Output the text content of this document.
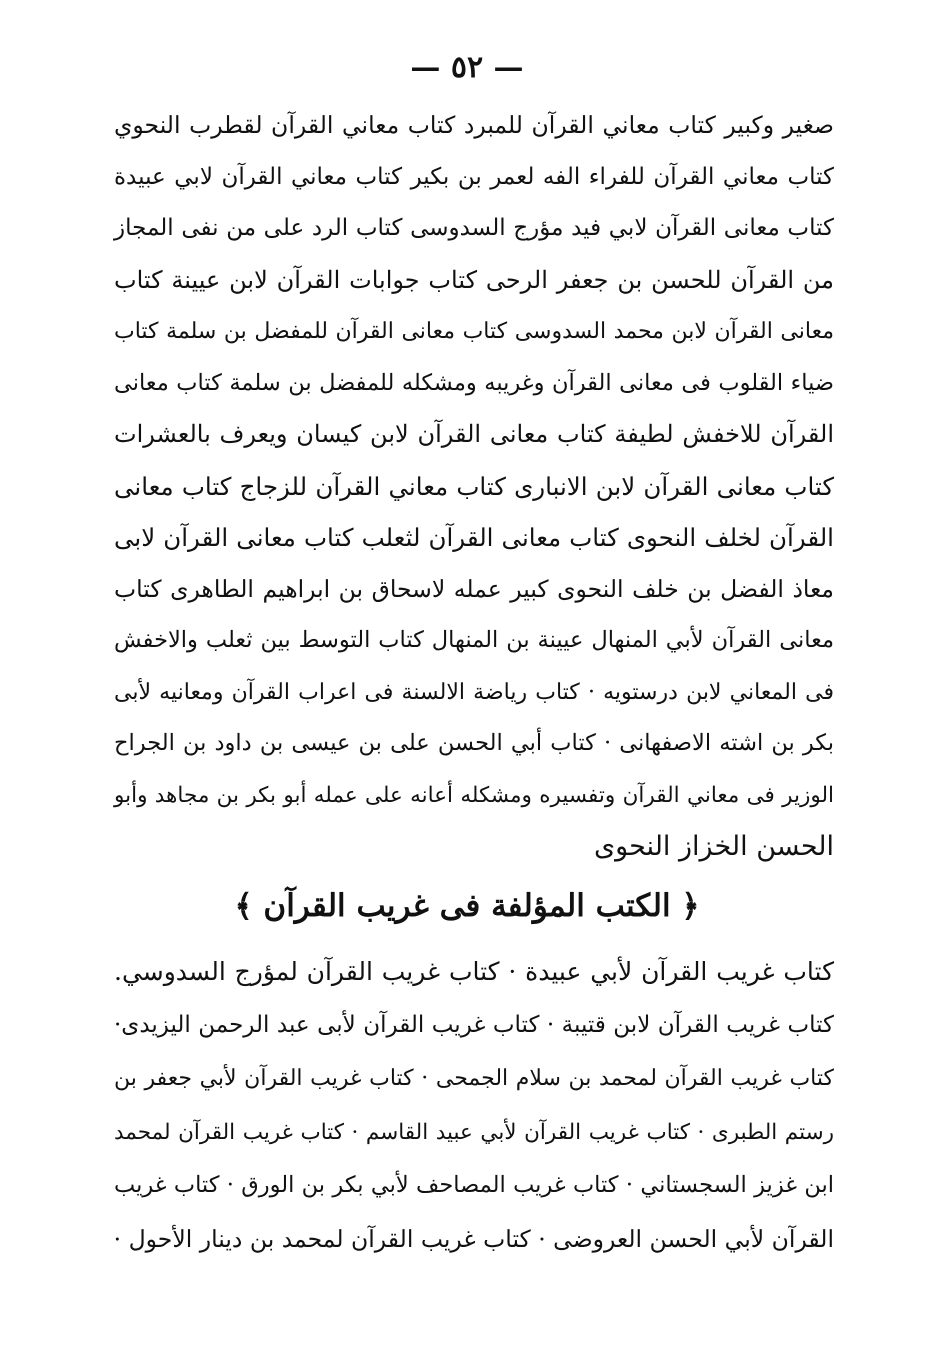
— ٥٢ —
صغير وكبير كتاب معاني القرآن للمبرد كتاب معاني القرآن لقطرب النحوي
كتاب معاني القرآن للفراء الفه لعمر بن بكير كتاب معاني القرآن لابي عبيدة
كتاب معانى القرآن لابي فيد مؤرج السدوسى كتاب الرد على من نفى المجاز
من القرآن للحسن بن جعفر الرحى كتاب جوابات القرآن لابن عيينة كتاب
معانى القرآن لابن محمد السدوسى كتاب معانى القرآن للمفضل بن سلمة كتاب
ضياء القلوب فى معانى القرآن وغريبه ومشكله للمفضل بن سلمة كتاب معانى
القرآن للاخفش لطيفة كتاب معانى القرآن لابن كيسان ويعرف بالعشرات
كتاب معانى القرآن لابن الانبارى كتاب معاني القرآن للزجاج كتاب معانى
القرآن لخلف النحوى كتاب معانى القرآن لثعلب كتاب معانى القرآن لابى
معاذ الفضل بن خلف النحوى كبير عمله لاسحاق بن ابراهيم الطاهرى كتاب
معانى القرآن لأبي المنهال عيينة بن المنهال كتاب التوسط بين ثعلب والاخفش
فى المعاني لابن درستويه · كتاب رياضة الالسنة فى اعراب القرآن ومعانيه لأبى
بكر بن اشته الاصفهانى · كتاب أبي الحسن على بن عيسى بن داود بن الجراح
الوزير فى معاني القرآن وتفسيره ومشكله أعانه على عمله أبو بكر بن مجاهد وأبو
الحسن الخزاز النحوى
﴿ الكتب المؤلفة فى غريب القرآن ﴾
كتاب غريب القرآن لأبي عبيدة · كتاب غريب القرآن لمؤرج السدوسي.
كتاب غريب القرآن لابن قتيبة · كتاب غريب القرآن لأبى عبد الرحمن اليزيدى·
كتاب غريب القرآن لمحمد بن سلام الجمحى · كتاب غريب القرآن لأبي جعفر بن
رستم الطبرى · كتاب غريب القرآن لأبي عبيد القاسم · كتاب غريب القرآن لمحمد
ابن غزيز السجستاني · كتاب غريب المصاحف لأبي بكر بن الورق · كتاب غريب
القرآن لأبي الحسن العروضى · كتاب غريب القرآن لمحمد بن دينار الأحول ·
